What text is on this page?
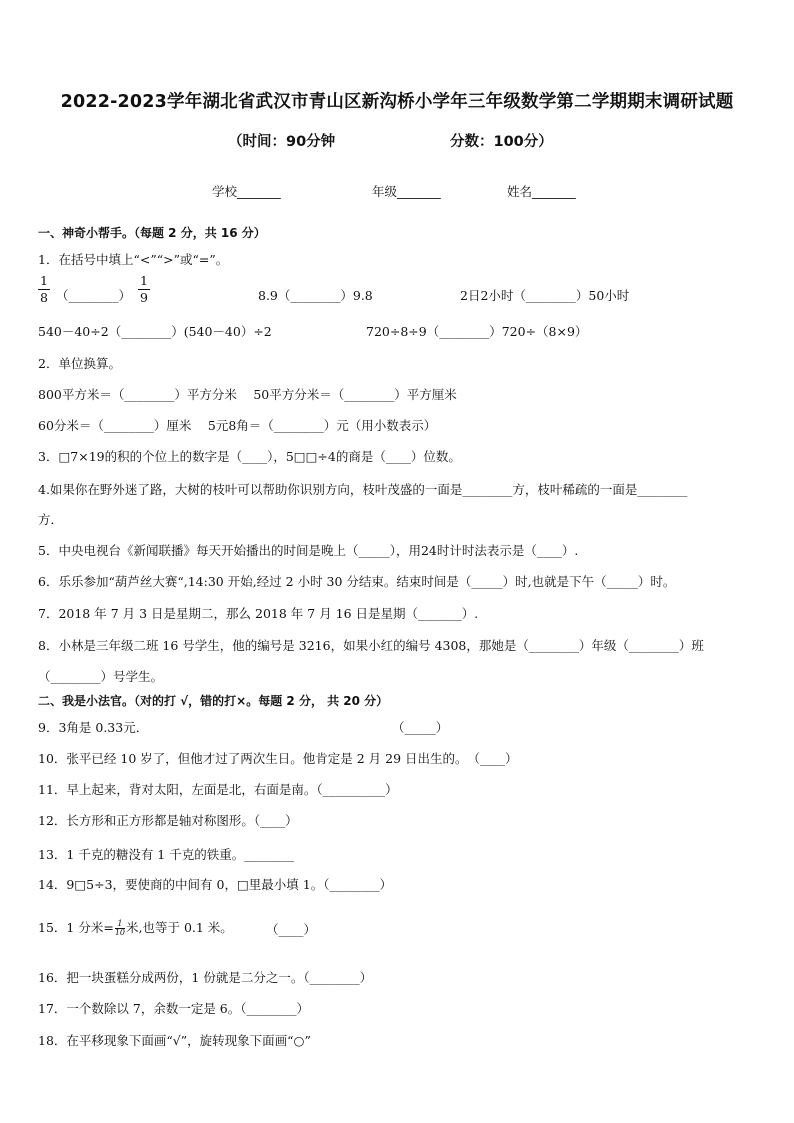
2022-2023学年湖北省武汉市青山区新沟桥小学年三年级数学第二学期期末调研试题
（时间：90分钟	分数：100分）
学校_______	年级_______	姓名_______
一、神奇小帮手。（每题 2 分，共 16 分）
1．在括号中填上“<”“>”或“=”。
1
8 （________）
1
9	8.9（________）9.8	2日2小时（________）50小时
540－40÷2（________）(540－40）÷2	720÷8÷9（________）720÷（8×9）
2．单位换算。
800平方米＝（________）平方分米　 50平方分米＝（________）平方厘米
60分米＝（________）厘米　 5元8角＝（________）元（用小数表示）
3．□7×19的积的个位上的数字是（____），5□□÷4的商是（____）位数。
4.如果你在野外迷了路，大树的枝叶可以帮助你识别方向，枝叶茂盛的一面是________方，枝叶稀疏的一面是________
方．
5．中央电视台《新闻联播》每天开始播出的时间是晚上（_____），用24时计时法表示是（____）.
6．乐乐参加“葫芦丝大赛“,14:30 开始,经过 2 小时 30 分结束。结束时间是（_____）时,也就是下午（_____）时。
7．2018 年 7 月 3 日是星期二，那么 2018 年 7 月 16 日是星期（_______）.
8．小林是三年级二班 16 号学生，他的编号是 3216，如果小红的编号 4308，那她是（________）年级（________）班
（________）号学生。
二、我是小法官。（对的打 √，错的打×。每题 2 分， 共 20 分）
9．3角是 0.33元．	（_____）
10．张平已经 10 岁了，但他才过了两次生日。他肯定是 2 月 29 日出生的。　（____）
11．早上起来，背对太阳，左面是北，右面是南。（__________）
12．长方形和正方形都是轴对称图形。（____）
13．1 千克的糖没有 1 千克的铁重。________
14．9□5÷3，要使商的中间有 0，□里最小填 1。（________）
15．1 分米= $\frac{1}{10}$ 米,也等于 0.1 米。	（____）
16．把一块蛋糕分成两份，1 份就是二分之一。（________）
17．一个数除以 7，余数一定是 6。（________）
18．在平移现象下面画“√”，旋转现象下面画“○”
